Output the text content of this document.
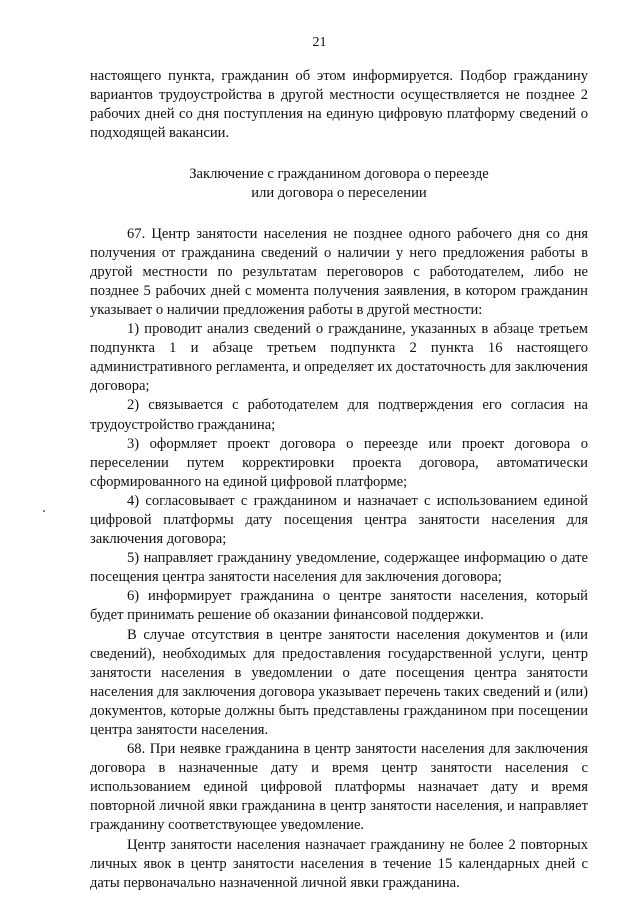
21

настоящего пункта, гражданин об этом информируется. Подбор гражданину вариантов трудоустройства в другой местности осуществляется не позднее 2 рабочих дней со дня поступления на единую цифровую платформу сведений о подходящей вакансии.

Заключение с гражданином договора о переезде
или договора о переселении

67. Центр занятости населения не позднее одного рабочего дня со дня получения от гражданина сведений о наличии у него предложения работы в другой местности по результатам переговоров с работодателем, либо не позднее 5 рабочих дней с момента получения заявления, в котором гражданин указывает о наличии предложения работы в другой местности:

1) проводит анализ сведений о гражданине, указанных в абзаце третьем подпункта 1 и абзаце третьем подпункта 2 пункта 16 настоящего административного регламента, и определяет их достаточность для заключения договора;

2) связывается с работодателем для подтверждения его согласия на трудоустройство гражданина;

3) оформляет проект договора о переезде или проект договора о переселении путем корректировки проекта договора, автоматически сформированного на единой цифровой платформе;

4) согласовывает с гражданином и назначает с использованием единой цифровой платформы дату посещения центра занятости населения для заключения договора;

5) направляет гражданину уведомление, содержащее информацию о дате посещения центра занятости населения для заключения договора;

6) информирует гражданина о центре занятости населения, который будет принимать решение об оказании финансовой поддержки.

В случае отсутствия в центре занятости населения документов и (или сведений), необходимых для предоставления государственной услуги, центр занятости населения в уведомлении о дате посещения центра занятости населения для заключения договора указывает перечень таких сведений и (или) документов, которые должны быть представлены гражданином при посещении центра занятости населения.

68. При неявке гражданина в центр занятости населения для заключения договора в назначенные дату и время центр занятости населения с использованием единой цифровой платформы назначает дату и время повторной личной явки гражданина в центр занятости населения, и направляет гражданину соответствующее уведомление.

Центр занятости населения назначает гражданину не более 2 повторных личных явок в центр занятости населения в течение 15 календарных дней с даты первоначально назначенной личной явки гражданина.
